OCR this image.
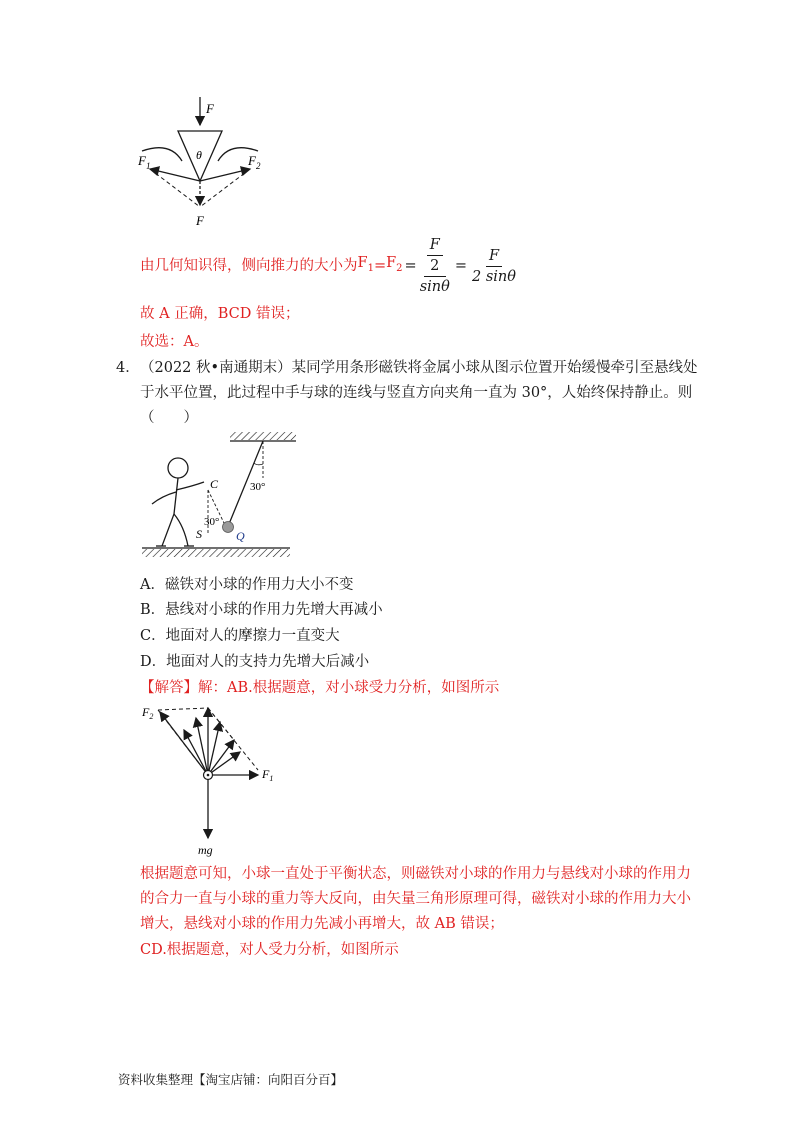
F
θ
$F_1$	$F_2$
F
由几何知识得，侧向推力的大小为 $F_1 = F_2 = \frac{\frac{F}{2}}{\sin\theta} = \frac{F}{2 \sin\theta}$
故 A 正确，BCD 错误；
故选：A。
4． （2022 秋•南通期末）某同学用条形磁铁将金属小球从图示位置开始缓慢牵引至悬线处
于水平位置，此过程中手与球的连线与竖直方向夹角一直为 30°，人始终保持静止。则
（　　）
C	30°
30°
S	Q
A．磁铁对小球的作用力大小不变
B．悬线对小球的作用力先增大再减小
C．地面对人的摩擦力一直变大
D．地面对人的支持力先增大后减小
【解答】解：AB.根据题意，对小球受力分析，如图所示
$F_2$
$F_1$
mg
根据题意可知，小球一直处于平衡状态，则磁铁对小球的作用力与悬线对小球的作用力
的合力一直与小球的重力等大反向，由矢量三角形原理可得，磁铁对小球的作用力大小
增大，悬线对小球的作用力先减小再增大，故 AB 错误；
CD.根据题意，对人受力分析，如图所示
资料收集整理【淘宝店铺：向阳百分百】
